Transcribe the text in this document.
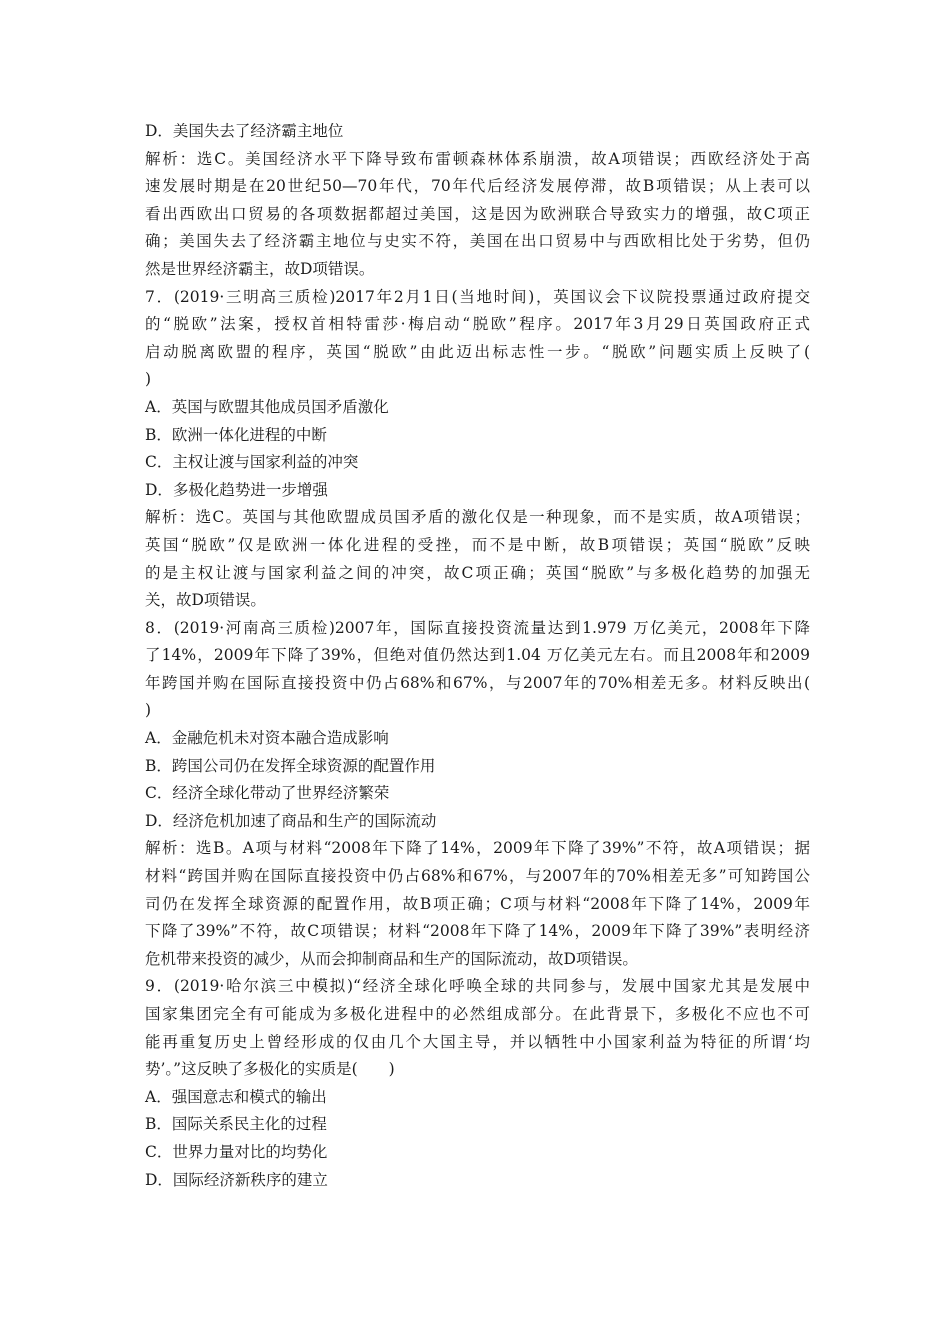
D．美国失去了经济霸主地位
解析：选C。美国经济水平下降导致布雷顿森林体系崩溃，故A项错误；西欧经济处于高
速发展时期是在20世纪50—70年代，70年代后经济发展停滞，故B项错误；从上表可以
看出西欧出口贸易的各项数据都超过美国，这是因为欧洲联合导致实力的增强，故C项正
确；美国失去了经济霸主地位与史实不符，美国在出口贸易中与西欧相比处于劣势，但仍
然是世界经济霸主，故D项错误。
7．(2019·三明高三质检)2017年2月1日(当地时间)，英国议会下议院投票通过政府提交
的“脱欧”法案，授权首相特雷莎·梅启动“脱欧”程序。2017年3月29日英国政府正式
启动脱离欧盟的程序，英国“脱欧”由此迈出标志性一步。“脱欧”问题实质上反映了(
)
A．英国与欧盟其他成员国矛盾激化
B．欧洲一体化进程的中断
C．主权让渡与国家利益的冲突
D．多极化趋势进一步增强
解析：选C。英国与其他欧盟成员国矛盾的激化仅是一种现象，而不是实质，故A项错误；
英国“脱欧”仅是欧洲一体化进程的受挫，而不是中断，故B项错误；英国“脱欧”反映
的是主权让渡与国家利益之间的冲突，故C项正确；英国“脱欧”与多极化趋势的加强无
关，故D项错误。
8．(2019·河南高三质检)2007年，国际直接投资流量达到1.979 万亿美元，2008年下降
了14%，2009年下降了39%，但绝对值仍然达到1.04 万亿美元左右。而且2008年和2009
年跨国并购在国际直接投资中仍占68%和67%，与2007年的70%相差无多。材料反映出(
)
A．金融危机未对资本融合造成影响
B．跨国公司仍在发挥全球资源的配置作用
C．经济全球化带动了世界经济繁荣
D．经济危机加速了商品和生产的国际流动
解析：选B。A项与材料“2008年下降了14%，2009年下降了39%”不符，故A项错误；据
材料“跨国并购在国际直接投资中仍占68%和67%，与2007年的70%相差无多”可知跨国公
司仍在发挥全球资源的配置作用，故B项正确；C项与材料“2008年下降了14%，2009年
下降了39%”不符，故C项错误；材料“2008年下降了14%，2009年下降了39%”表明经济
危机带来投资的减少，从而会抑制商品和生产的国际流动，故D项错误。
9．(2019·哈尔滨三中模拟)“经济全球化呼唤全球的共同参与，发展中国家尤其是发展中
国家集团完全有可能成为多极化进程中的必然组成部分。在此背景下，多极化不应也不可
能再重复历史上曾经形成的仅由几个大国主导，并以牺牲中小国家利益为特征的所谓‘均
势’。”这反映了多极化的实质是(　　)
A．强国意志和模式的输出
B．国际关系民主化的过程
C．世界力量对比的均势化
D．国际经济新秩序的建立
